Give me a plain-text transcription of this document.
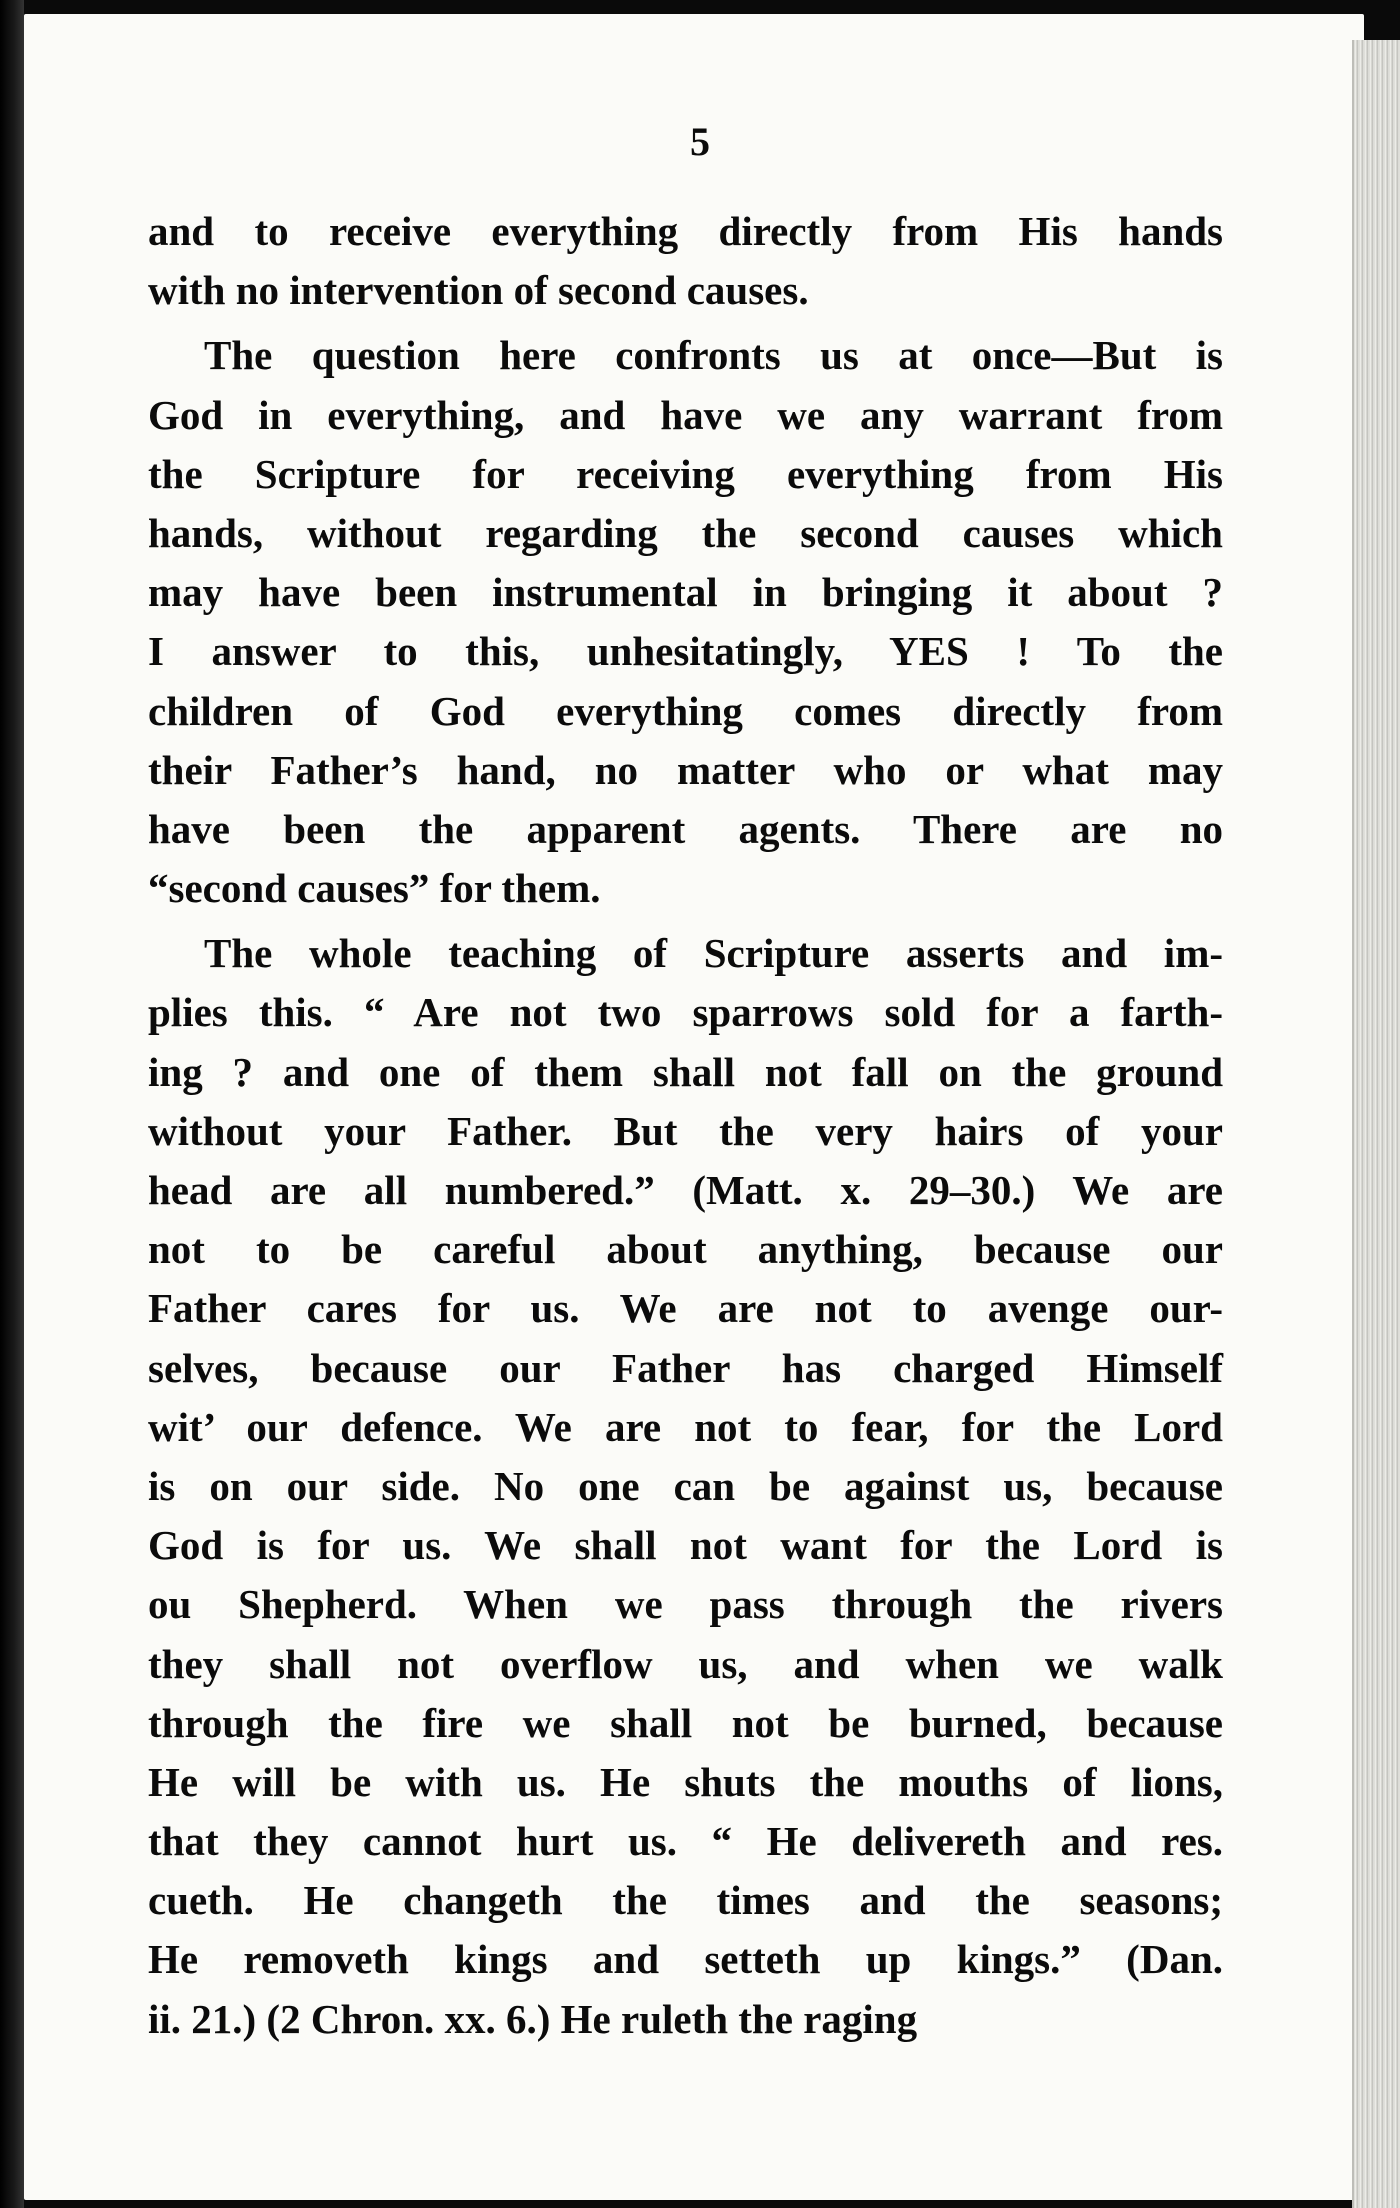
5
and to receive everything directly from His hands
with no intervention of second causes.
The question here confronts us at once—But is
God in everything, and have we any warrant from
the Scripture for receiving everything from His
hands, without regarding the second causes which
may have been instrumental in bringing it about ?
I answer to this, unhesitatingly, YES ! To the
children of God everything comes directly from
their Father’s hand, no matter who or what may
have been the apparent agents. There are no
“second causes” for them.
The whole teaching of Scripture asserts and im-
plies this. “ Are not two sparrows sold for a farth-
ing ? and one of them shall not fall on the ground
without your Father. But the very hairs of your
head are all numbered.” (Matt. x. 29–30.) We are
not to be careful about anything, because our
Father cares for us. We are not to avenge our-
selves, because our Father has charged Himself
wit’ our defence. We are not to fear, for the Lord
is on our side. No one can be against us, because
God is for us. We shall not want for the Lord is
ou Shepherd. When we pass through the rivers
they shall not overflow us, and when we walk
through the fire we shall not be burned, because
He will be with us. He shuts the mouths of lions,
that they cannot hurt us. “ He delivereth and res.
cueth. He changeth the times and the seasons;
He removeth kings and setteth up kings.” (Dan.
ii. 21.) (2 Chron. xx. 6.) He ruleth the raging
